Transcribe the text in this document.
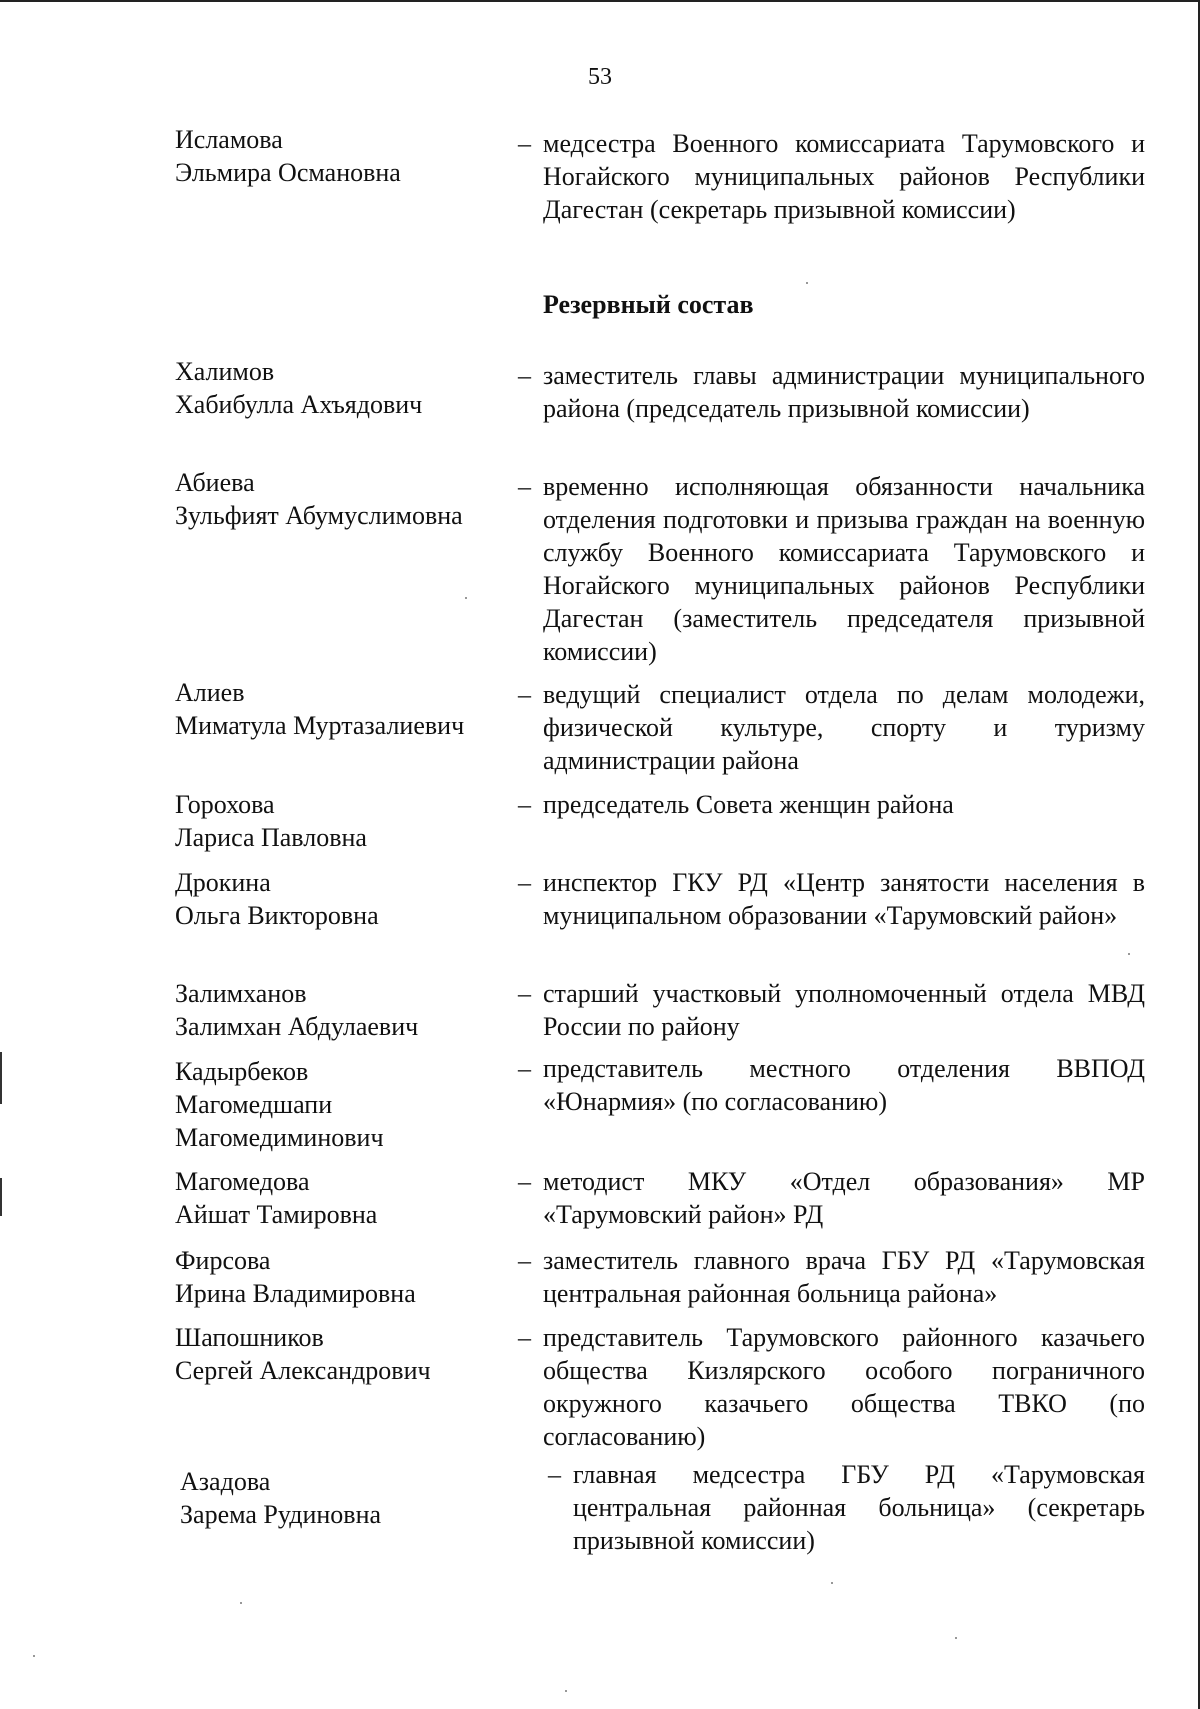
53
Исламова
Эльмира Османовна
– медсестра Военного комиссариата Тарумовского и Ногайского муниципальных районов Республики Дагестан (секретарь призывной комиссии)
Резервный состав
Халимов
Хабибулла Ахъядович
– заместитель главы администрации муниципального района (председатель призывной комиссии)
Абиева
Зульфият Абумуслимовна
– временно исполняющая обязанности начальника отделения подготовки и призыва граждан на военную службу Военного комиссариата Тарумовского и Ногайского муниципальных районов Республики Дагестан (заместитель председателя призывной комиссии)
Алиев
Миматула Муртазалиевич
– ведущий специалист отдела по делам молодежи, физической культуре, спорту и туризму администрации района
Горохова
Лариса Павловна
– председатель Совета женщин района
Дрокина
Ольга Викторовна
– инспектор ГКУ РД «Центр занятости населения в муниципальном образовании «Тарумовский район»
Залимханов
Залимхан Абдулаевич
– старший участковый уполномоченный отдела МВД России по району
Кадырбеков
Магомедшапи
Магомедиминович
– представитель местного отделения ВВПОД «Юнармия» (по согласованию)
Магомедова
Айшат Тамировна
– методист МКУ «Отдел образования» МР «Тарумовский район» РД
Фирсова
Ирина Владимировна
– заместитель главного врача ГБУ РД «Тарумовская центральная районная больница района»
Шапошников
Сергей Александрович
– представитель Тарумовского районного казачьего общества Кизлярского особого пограничного окружного казачьего общества ТВКО (по согласованию)
Азадова
Зарема Рудиновна
– главная медсестра ГБУ РД «Тарумовская центральная районная больница» (секретарь призывной комиссии)
